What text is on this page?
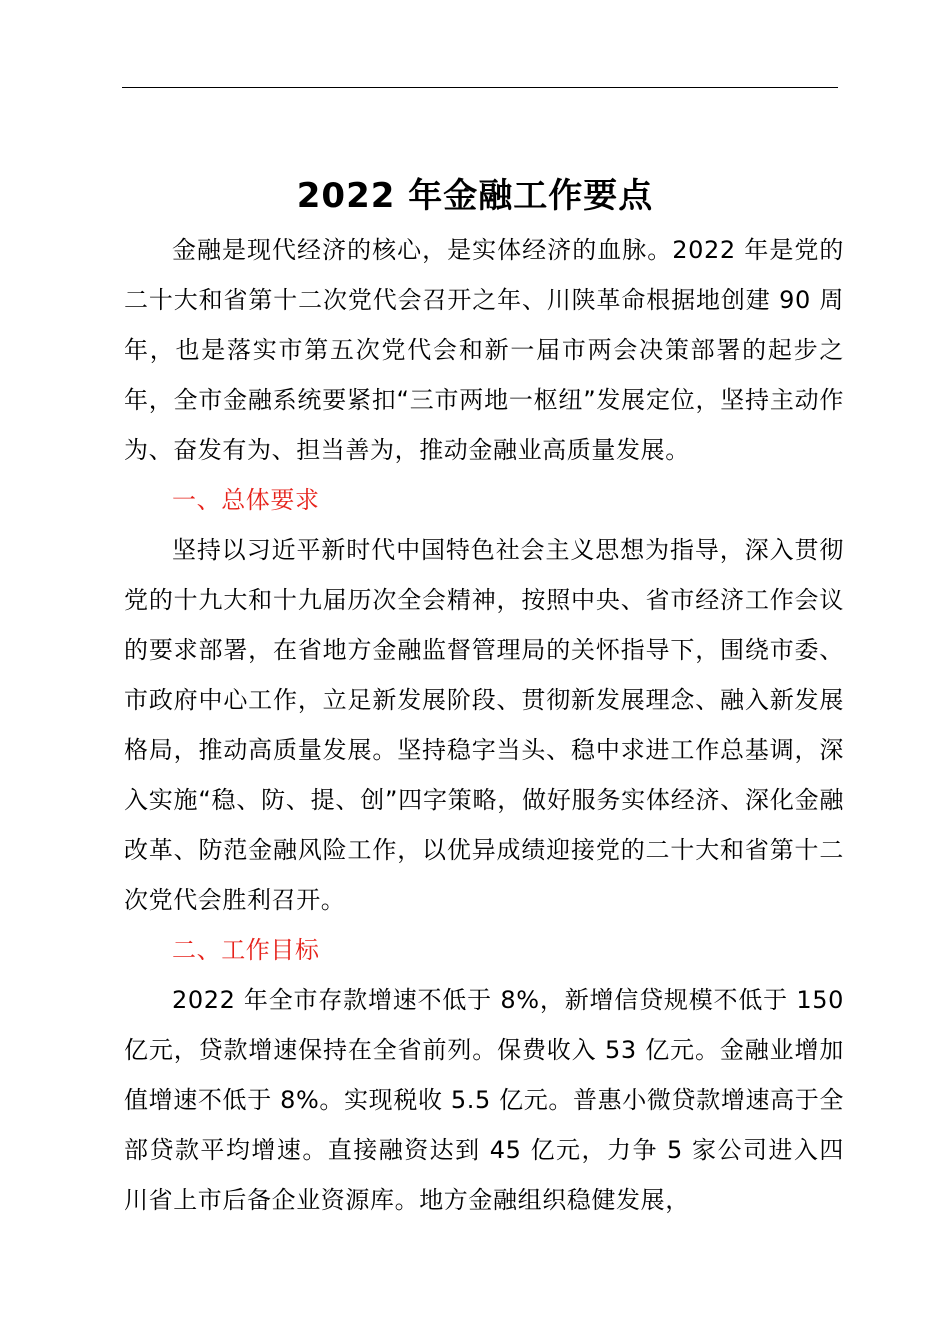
2022 年金融工作要点

金融是现代经济的核心，是实体经济的血脉。2022 年是党的二十大和省第十二次党代会召开之年、川陕革命根据地创建 90 周年，也是落实市第五次党代会和新一届市两会决策部署的起步之年，全市金融系统要紧扣“三市两地一枢纽”发展定位，坚持主动作为、奋发有为、担当善为，推动金融业高质量发展。

一、总体要求

坚持以习近平新时代中国特色社会主义思想为指导，深入贯彻党的十九大和十九届历次全会精神，按照中央、省市经济工作会议的要求部署，在省地方金融监督管理局的关怀指导下，围绕市委、市政府中心工作，立足新发展阶段、贯彻新发展理念、融入新发展格局，推动高质量发展。坚持稳字当头、稳中求进工作总基调，深入实施“稳、防、提、创”四字策略，做好服务实体经济、深化金融改革、防范金融风险工作，以优异成绩迎接党的二十大和省第十二次党代会胜利召开。

二、工作目标

2022 年全市存款增速不低于 8%，新增信贷规模不低于 150 亿元，贷款增速保持在全省前列。保费收入 53 亿元。金融业增加值增速不低于 8%。实现税收 5.5 亿元。普惠小微贷款增速高于全部贷款平均增速。直接融资达到 45 亿元，力争 5 家公司进入四川省上市后备企业资源库。地方金融组织稳健发展，
